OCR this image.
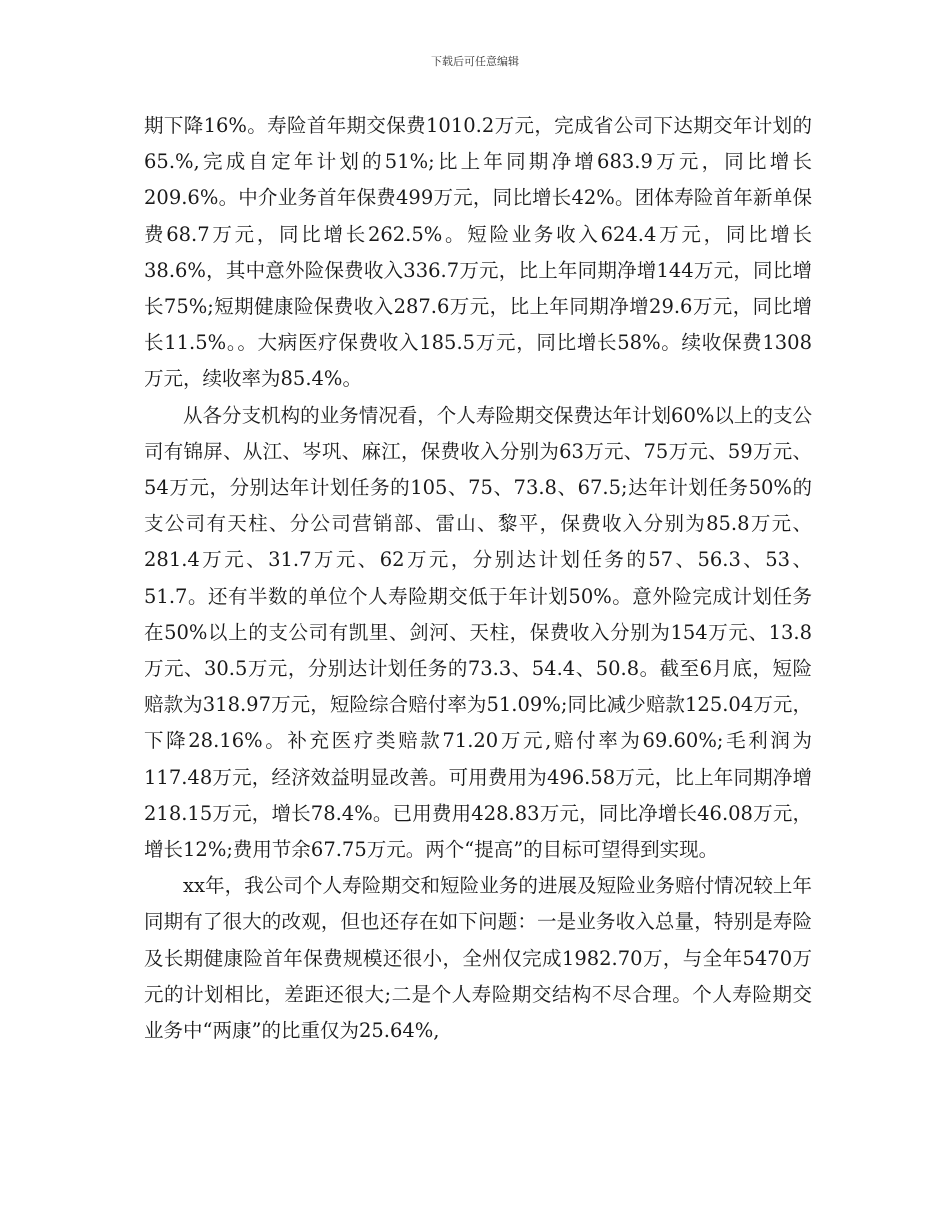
下载后可任意编辑

期下降16%。寿险首年期交保费1010.2万元，完成省公司下达期交年计划的65.%,完成自定年计划的51%;比上年同期净增683.9万元，同比增长209.6%。中介业务首年保费499万元，同比增长42%。团体寿险首年新单保费68.7万元，同比增长262.5%。短险业务收入624.4万元，同比增长38.6%，其中意外险保费收入336.7万元，比上年同期净增144万元，同比增长75%;短期健康险保费收入287.6万元，比上年同期净增29.6万元，同比增长11.5%。。大病医疗保费收入185.5万元，同比增长58%。续收保费1308万元，续收率为85.4%。

从各分支机构的业务情况看，个人寿险期交保费达年计划60%以上的支公司有锦屏、从江、岑巩、麻江，保费收入分别为63万元、75万元、59万元、54万元，分别达年计划任务的105、75、73.8、67.5;达年计划任务50%的支公司有天柱、分公司营销部、雷山、黎平，保费收入分别为85.8万元、281.4万元、31.7万元、62万元，分别达计划任务的57、56.3、53、51.7。还有半数的单位个人寿险期交低于年计划50%。意外险完成计划任务在50%以上的支公司有凯里、剑河、天柱，保费收入分别为154万元、13.8万元、30.5万元，分别达计划任务的73.3、54.4、50.8。截至6月底，短险赔款为318.97万元，短险综合赔付率为51.09%;同比减少赔款125.04万元，下降28.16%。补充医疗类赔款71.20万元,赔付率为69.60%;毛利润为117.48万元，经济效益明显改善。可用费用为496.58万元，比上年同期净增218.15万元，增长78.4%。已用费用428.83万元，同比净增长46.08万元，增长12%;费用节余67.75万元。两个“提高”的目标可望得到实现。

xx年，我公司个人寿险期交和短险业务的进展及短险业务赔付情况较上年同期有了很大的改观，但也还存在如下问题：一是业务收入总量，特别是寿险及长期健康险首年保费规模还很小，全州仅完成1982.70万，与全年5470万元的计划相比，差距还很大;二是个人寿险期交结构不尽合理。个人寿险期交业务中“两康”的比重仅为25.64%,
